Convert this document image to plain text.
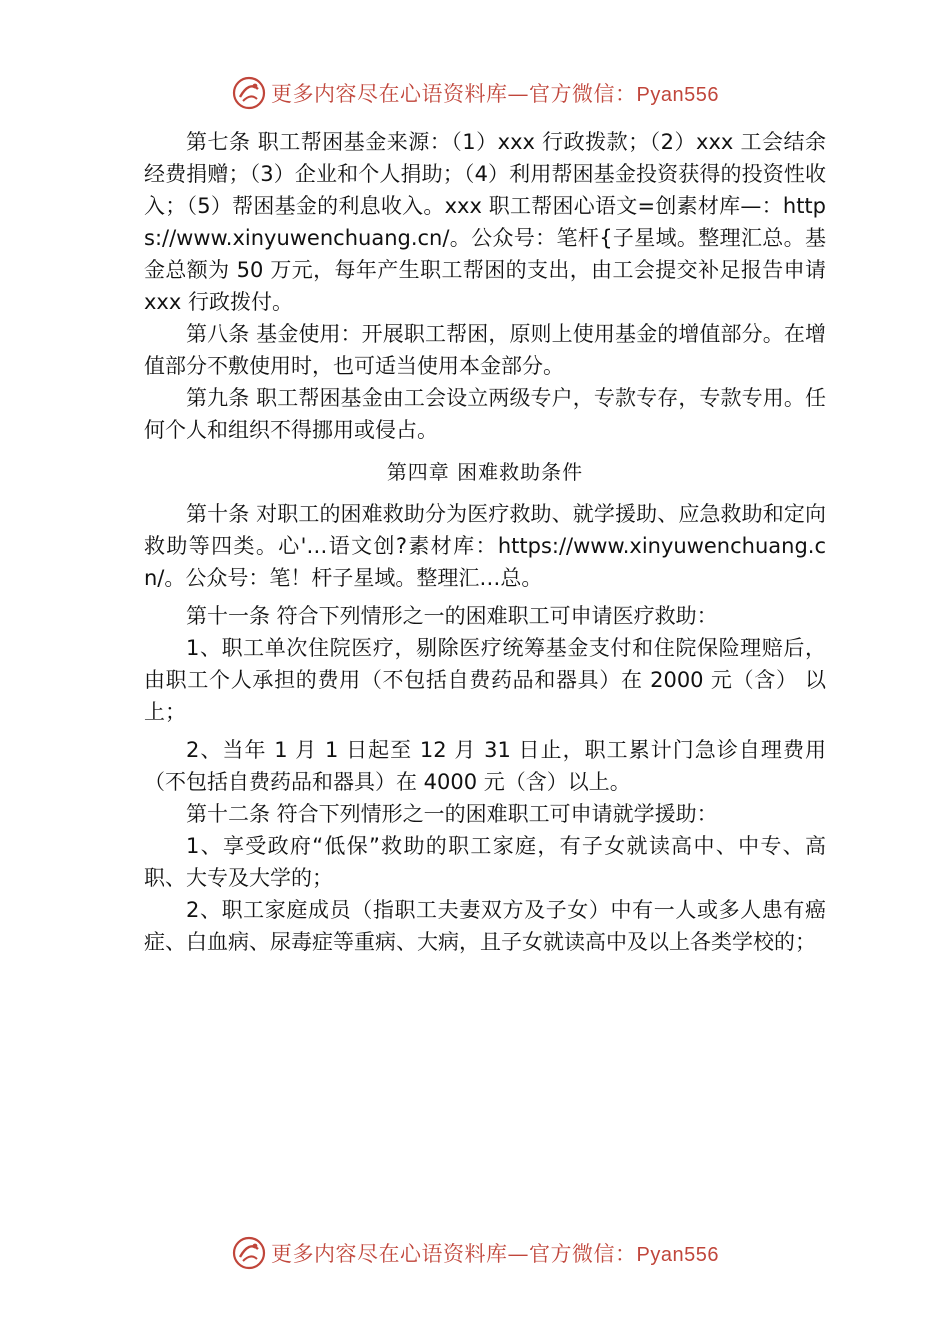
更多内容尽在心语资料库—官方微信：Pyan556

第七条 职工帮困基金来源：（1）xxx 行政拨款；（2）xxx 工会结余经费捐赠；（3）企业和个人捐助；（4）利用帮困基金投资获得的投资性收入；（5）帮困基金的利息收入。xxx 职工帮困心语文=创素材库—：https://www.xinyuwenchuang.cn/。公众号：笔杆{子星域。整理汇总。基金总额为 50 万元，每年产生职工帮困的支出，由工会提交补足报告申请 xxx 行政拨付。

第八条 基金使用：开展职工帮困，原则上使用基金的增值部分。在增值部分不敷使用时，也可适当使用本金部分。

第九条 职工帮困基金由工会设立两级专户，专款专存，专款专用。任何个人和组织不得挪用或侵占。

第四章 困难救助条件

第十条 对职工的困难救助分为医疗救助、就学援助、应急救助和定向救助等四类。心'…语文创?素材库：https://www.xinyuwenchuang.cn/。公众号：笔！杆子星域。整理汇…总。

第十一条 符合下列情形之一的困难职工可申请医疗救助：

1、职工单次住院医疗，剔除医疗统筹基金支付和住院保险理赔后，由职工个人承担的费用（不包括自费药品和器具）在 2000 元（含） 以上；

2、当年 1 月 1 日起至 12 月 31 日止，职工累计门急诊自理费用（不包括自费药品和器具）在 4000 元（含）以上。

第十二条 符合下列情形之一的困难职工可申请就学援助：

1、享受政府“低保”救助的职工家庭，有子女就读高中、中专、高职、大专及大学的；

2、职工家庭成员（指职工夫妻双方及子女）中有一人或多人患有癌症、白血病、尿毒症等重病、大病，且子女就读高中及以上各类学校的；

更多内容尽在心语资料库—官方微信：Pyan556
